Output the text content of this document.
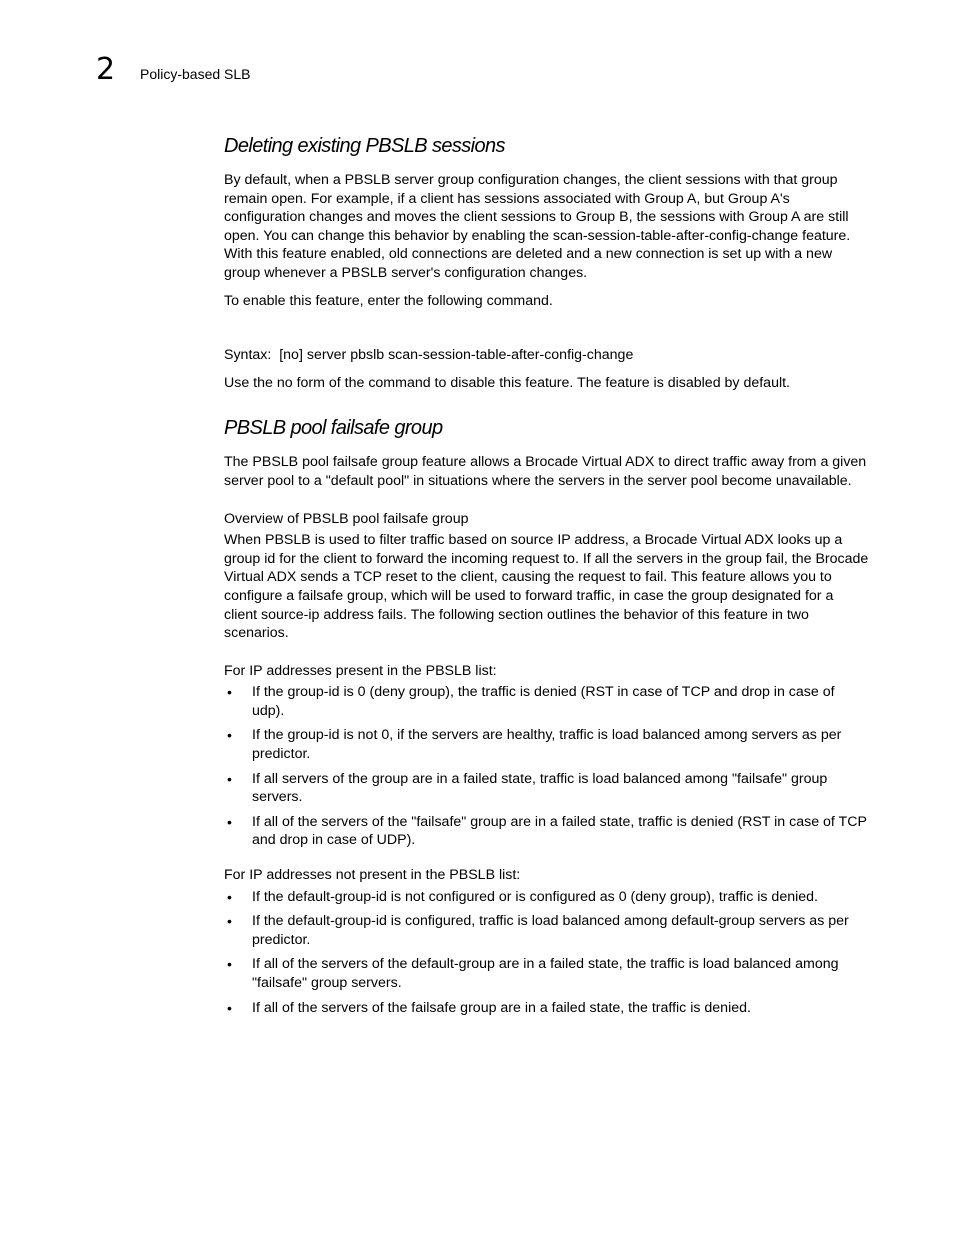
2	Policy-based SLB
Deleting existing PBSLB sessions

By default, when a PBSLB server group configuration changes, the client sessions with that group remain open. For example, if a client has sessions associated with Group A, but Group A's configuration changes and moves the client sessions to Group B, the sessions with Group A are still open. You can change this behavior by enabling the scan-session-table-after-config-change feature. With this feature enabled, old connections are deleted and a new connection is set up with a new group whenever a PBSLB server's configuration changes.

To enable this feature, enter the following command.

Syntax: [no] server pbslb scan-session-table-after-config-change

Use the no form of the command to disable this feature. The feature is disabled by default.

PBSLB pool failsafe group

The PBSLB pool failsafe group feature allows a Brocade Virtual ADX to direct traffic away from a given server pool to a "default pool" in situations where the servers in the server pool become unavailable.

Overview of PBSLB pool failsafe group

When PBSLB is used to filter traffic based on source IP address, a Brocade Virtual ADX looks up a group id for the client to forward the incoming request to. If all the servers in the group fail, the Brocade Virtual ADX sends a TCP reset to the client, causing the request to fail. This feature allows you to configure a failsafe group, which will be used to forward traffic, in case the group designated for a client source-ip address fails. The following section outlines the behavior of this feature in two scenarios.

For IP addresses present in the PBSLB list:

• If the group-id is 0 (deny group), the traffic is denied (RST in case of TCP and drop in case of udp).
• If the group-id is not 0, if the servers are healthy, traffic is load balanced among servers as per predictor.
• If all servers of the group are in a failed state, traffic is load balanced among "failsafe" group servers.
• If all of the servers of the "failsafe" group are in a failed state, traffic is denied (RST in case of TCP and drop in case of UDP).

For IP addresses not present in the PBSLB list:

• If the default-group-id is not configured or is configured as 0 (deny group), traffic is denied.
• If the default-group-id is configured, traffic is load balanced among default-group servers as per predictor.
• If all of the servers of the default-group are in a failed state, the traffic is load balanced among "failsafe" group servers.
• If all of the servers of the failsafe group are in a failed state, the traffic is denied.
